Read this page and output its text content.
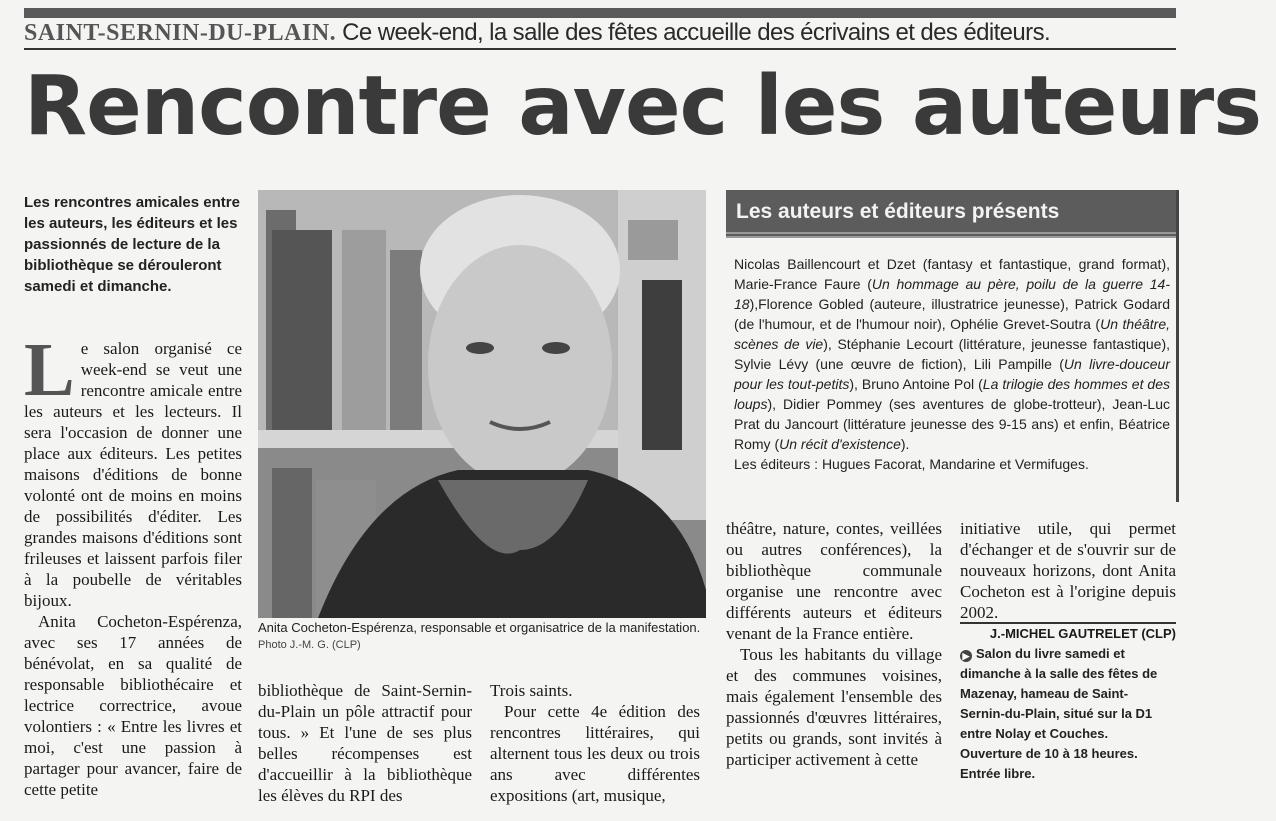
SAINT-SERNIN-DU-PLAIN. Ce week-end, la salle des fêtes accueille des écrivains et des éditeurs.
Rencontre avec les auteurs
Les rencontres amicales entre les auteurs, les éditeurs et les passionnés de lecture de la bibliothèque se dérouleront samedi et dimanche.

Le salon organisé ce week-end se veut une rencontre amicale entre les auteurs et les lecteurs. Il sera l'occasion de donner une place aux éditeurs. Les petites maisons d'éditions de bonne volonté ont de moins en moins de possibilités d'éditer. Les grandes maisons d'éditions sont frileuses et laissent parfois filer à la poubelle de véritables bijoux.

Anita Cocheton-Espérenza, avec ses 17 années de bénévolat, en sa qualité de responsable bibliothécaire et lectrice correctrice, avoue volontiers : « Entre les livres et moi, c'est une passion à partager pour avancer, faire de cette petite

Anita Cocheton-Espérenza, responsable et organisatrice de la manifestation. Photo J.-M. G. (CLP)

bibliothèque de Saint-Sernin-du-Plain un pôle attractif pour tous. » Et l'une de ses plus belles récompenses est d'accueillir à la bibliothèque les élèves du RPI des

Trois saints.

Pour cette 4e édition des rencontres littéraires, qui alternent tous les deux ou trois ans avec différentes expositions (art, musique,

Les auteurs et éditeurs présents
Nicolas Baillencourt et Dzet (fantasy et fantastique, grand format), Marie-France Faure (Un hommage au père, poilu de la guerre 14-18),Florence Gobled (auteure, illustratrice jeunesse), Patrick Godard (de l'humour, et de l'humour noir), Ophélie Grevet-Soutra (Un théâtre, scènes de vie), Stéphanie Lecourt (littérature, jeunesse fantastique), Sylvie Lévy (une œuvre de fiction), Lili Pampille (Un livre-douceur pour les tout-petits), Bruno Antoine Pol (La trilogie des hommes et des loups), Didier Pommey (ses aventures de globe-trotteur), Jean-Luc Prat du Jancourt (littérature jeunesse des 9-15 ans) et enfin, Béatrice Romy (Un récit d'existence).
Les éditeurs : Hugues Facorat, Mandarine et Vermifuges.

théâtre, nature, contes, veillées ou autres conférences), la bibliothèque communale organise une rencontre avec différents auteurs et éditeurs venant de la France entière.

Tous les habitants du village et des communes voisines, mais également l'ensemble des passionnés d'œuvres littéraires, petits ou grands, sont invités à participer activement à cette

initiative utile, qui permet d'échanger et de s'ouvrir sur de nouveaux horizons, dont Anita Cocheton est à l'origine depuis 2002.

J.-MICHEL GAUTRELET (CLP)
▶ Salon du livre samedi et dimanche à la salle des fêtes de Mazenay, hameau de Saint- Sernin-du-Plain, situé sur la D1 entre Nolay et Couches.
Ouverture de 10 à 18 heures.
Entrée libre.
